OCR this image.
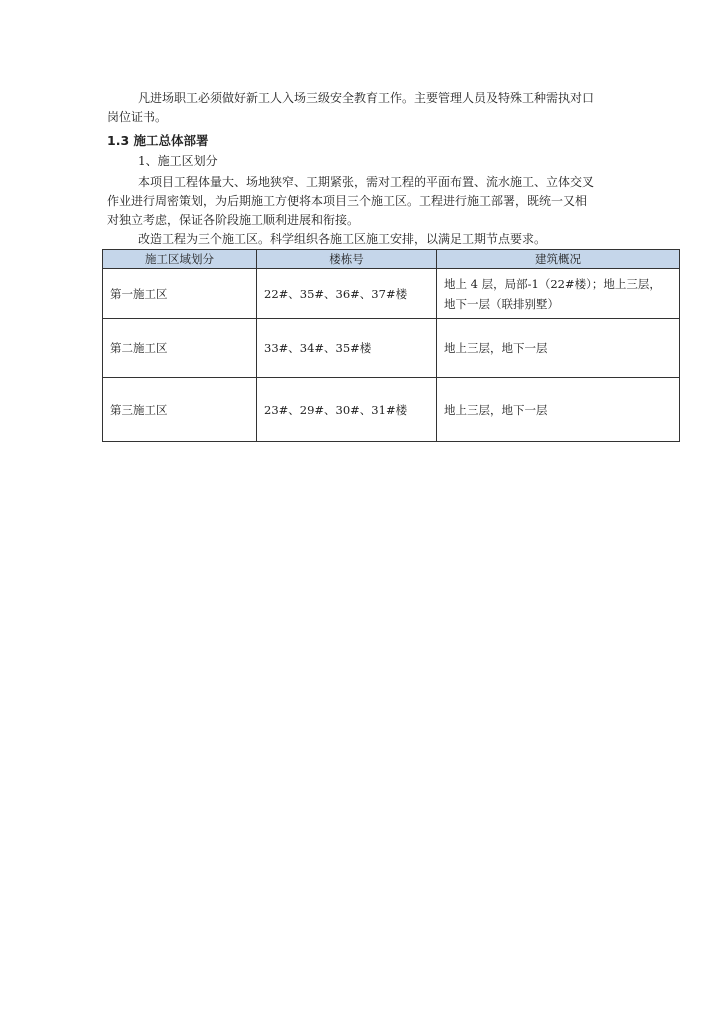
凡进场职工必须做好新工人入场三级安全教育工作。主要管理人员及特殊工种需执对口
岗位证书。
1.3 施工总体部署
1、施工区划分
本项目工程体量大、场地狭窄、工期紧张，需对工程的平面布置、流水施工、立体交叉
作业进行周密策划，为后期施工方便将本项目三个施工区。工程进行施工部署，既统一又相
对独立考虑，保证各阶段施工顺利进展和衔接。
改造工程为三个施工区。科学组织各施工区施工安排，以满足工期节点要求。
施工区域划分	楼栋号	建筑概况
第一施工区	22#、35#、36#、37#楼	地上 4 层，局部-1（22#楼）；地上三层，
地下一层（联排别墅）

第二施工区	33#、34#、35#楼	地上三层，地下一层

第三施工区	23#、29#、30#、31#楼	地上三层，地下一层
